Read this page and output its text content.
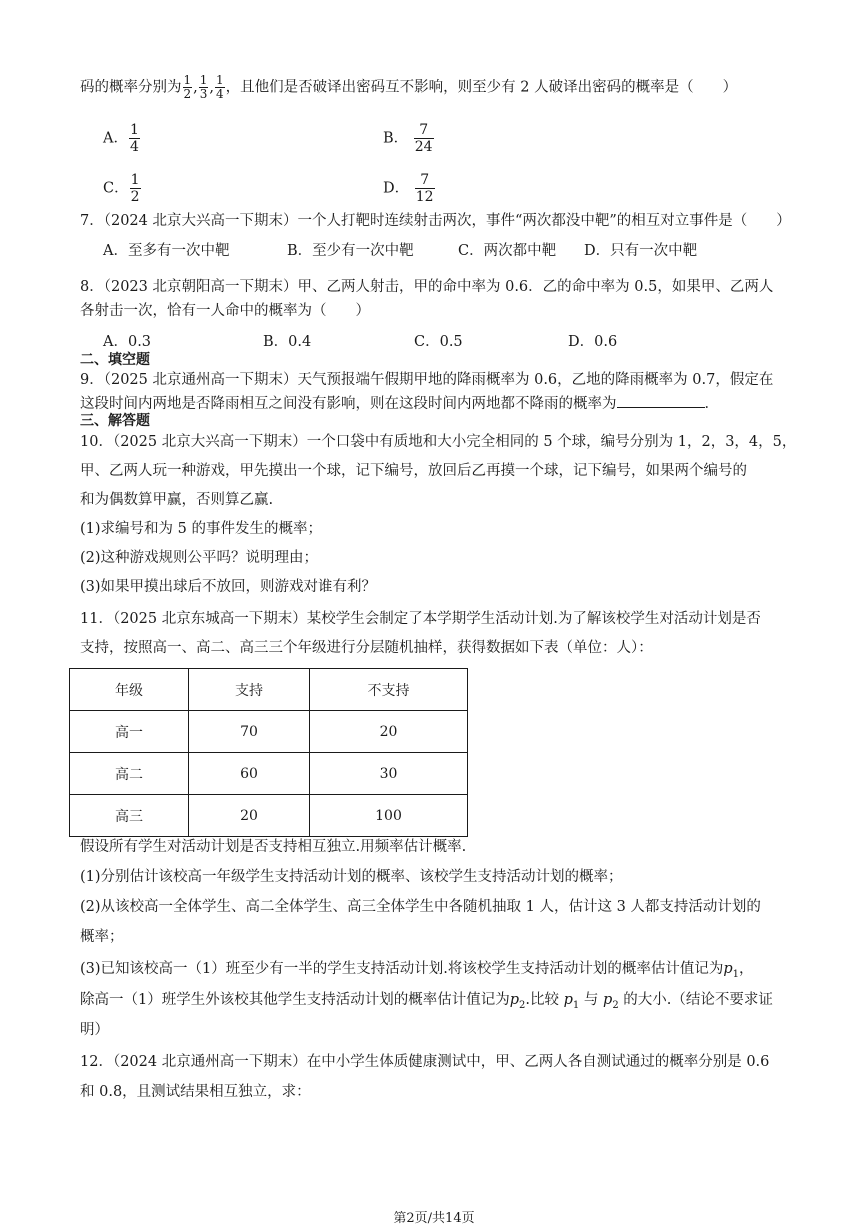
码的概率分别为 $\frac{1}{2}$ , $\frac{1}{3}$ , $\frac{1}{4}$ ，且他们是否破译出密码互不影响，则至少有 2 人破译出密码的概率是（　　）
A． $\frac{1}{4}$	B． $\frac{7}{24}$
C． $\frac{1}{2}$	D． $\frac{7}{12}$
7．（2024 北京大兴高一下期末）一个人打靶时连续射击两次，事件“两次都没中靶”的相互对立事件是（　　）
A．至多有一次中靶	B．至少有一次中靶	C．两次都中靶 D．只有一次中靶
8．（2023 北京朝阳高一下期末）甲、乙两人射击，甲的命中率为 0.6．乙的命中率为 0.5，如果甲、乙两人
各射击一次，恰有一人命中的概率为（　　）
A．0.3	B．0.4	C．0.5	D．0.6
二、填空题
9．（2025 北京通州高一下期末）天气预报端午假期甲地的降雨概率为 0.6，乙地的降雨概率为 0.7，假定在
这段时间内两地是否降雨相互之间没有影响，则在这段时间内两地都不降雨的概率为	．
三、解答题
10．（2025 北京大兴高一下期末）一个口袋中有质地和大小完全相同的 5 个球，编号分别为 1，2，3，4，5，
甲、乙两人玩一种游戏，甲先摸出一个球，记下编号，放回后乙再摸一个球，记下编号，如果两个编号的
和为偶数算甲赢，否则算乙赢.
(1)求编号和为 5 的事件发生的概率；
(2)这种游戏规则公平吗？说明理由；
(3)如果甲摸出球后不放回，则游戏对谁有利？
11．（2025 北京东城高一下期末）某校学生会制定了本学期学生活动计划.为了解该校学生对活动计划是否
支持，按照高一、高二、高三三个年级进行分层随机抽样，获得数据如下表（单位：人）：
年级	支持	不支持
高一	70	20
高二	60	30
高三	20	100
假设所有学生对活动计划是否支持相互独立.用频率估计概率.
(1)分别估计该校高一年级学生支持活动计划的概率、该校学生支持活动计划的概率；
(2)从该校高一全体学生、高二全体学生、高三全体学生中各随机抽取 1 人，估计这 3 人都支持活动计划的
概率；
(3)已知该校高一（1）班至少有一半的学生支持活动计划.将该校学生支持活动计划的概率估计值记为$p_1$，
除高一（1）班学生外该校其他学生支持活动计划的概率估计值记为$p_2$.比较 $p_1$ 与 $p_2$ 的大小.（结论不要求证
明）
12．（2024 北京通州高一下期末）在中小学生体质健康测试中，甲、乙两人各自测试通过的概率分别是 0.6
和 0.8，且测试结果相互独立，求：
第2页/共14页
